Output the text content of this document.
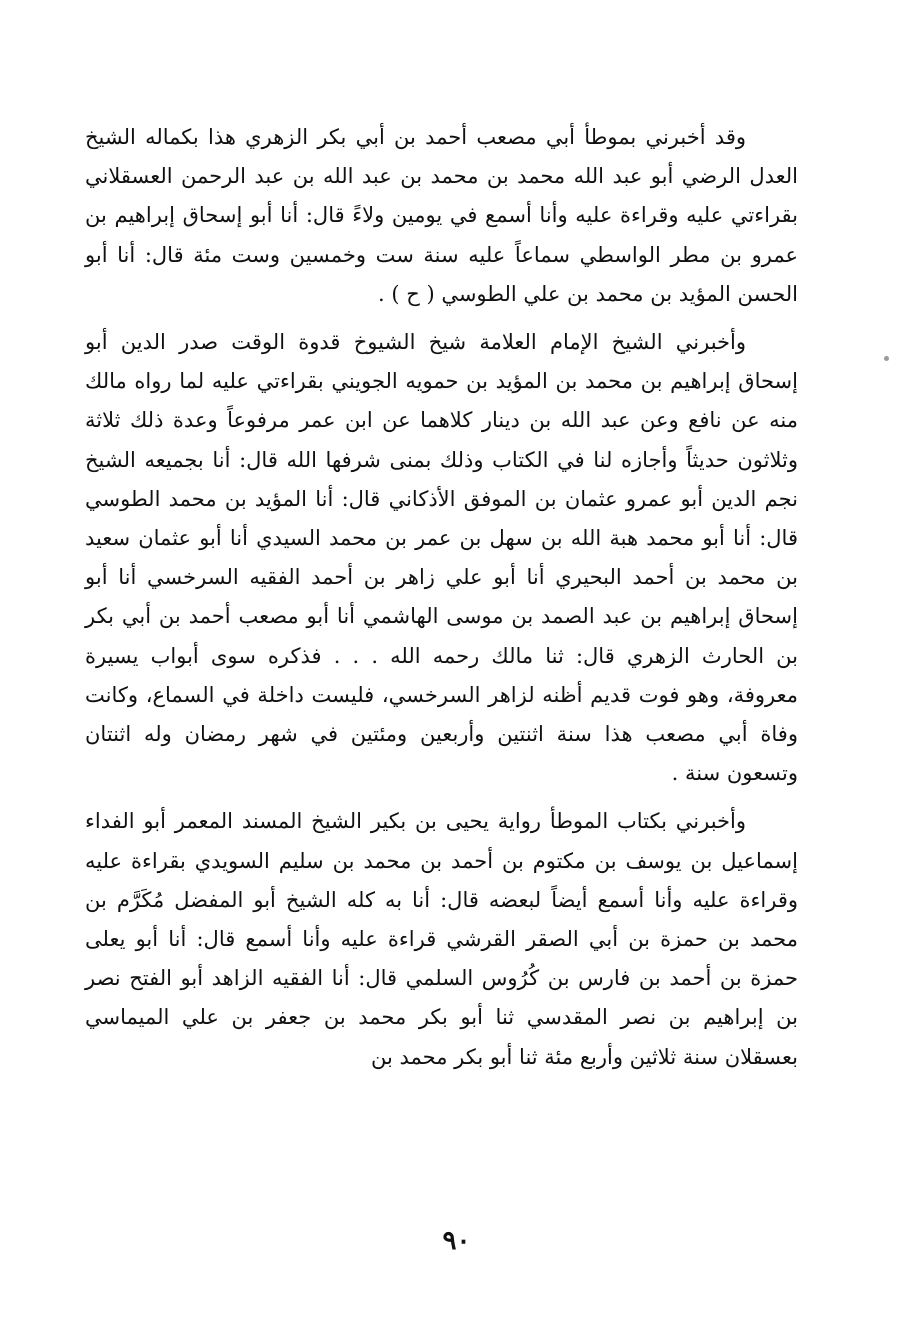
وقد أخبرني بموطأ أبي مصعب أحمد بن أبي بكر الزهري هذا بكماله الشيخ العدل الرضي أبو عبد الله محمد بن محمد بن عبد الله بن عبد الرحمن العسقلاني بقراءتي عليه وقراءة عليه وأنا أسمع في يومين ولاءً قال: أنا أبو إسحاق إبراهيم بن عمرو بن مطر الواسطي سماعاً عليه سنة ست وخمسين وست مئة قال: أنا أبو الحسن المؤيد بن محمد بن علي الطوسي ( ح ) .

وأخبرني الشيخ الإمام العلامة شيخ الشيوخ قدوة الوقت صدر الدين أبو إسحاق إبراهيم بن محمد بن المؤيد بن حمويه الجويني بقراءتي عليه لما رواه مالك منه عن نافع وعن عبد الله بن دينار كلاهما عن ابن عمر مرفوعاً وعدة ذلك ثلاثة وثلاثون حديثاً وأجازه لنا في الكتاب وذلك بمنى شرفها الله قال: أنا بجميعه الشيخ نجم الدين أبو عمرو عثمان بن الموفق الأذكاني قال: أنا المؤيد بن محمد الطوسي قال: أنا أبو محمد هبة الله بن سهل بن عمر بن محمد السيدي أنا أبو عثمان سعيد بن محمد بن أحمد البحيري أنا أبو علي زاهر بن أحمد الفقيه السرخسي أنا أبو إسحاق إبراهيم بن عبد الصمد بن موسى الهاشمي أنا أبو مصعب أحمد بن أبي بكر بن الحارث الزهري قال: ثنا مالك رحمه الله . . . فذكره سوى أبواب يسيرة معروفة، وهو فوت قديم أظنه لزاهر السرخسي، فليست داخلة في السماع، وكانت وفاة أبي مصعب هذا سنة اثنتين وأربعين ومئتين في شهر رمضان وله اثنتان وتسعون سنة .

وأخبرني بكتاب الموطأ رواية يحيى بن بكير الشيخ المسند المعمر أبو الفداء إسماعيل بن يوسف بن مكتوم بن أحمد بن محمد بن سليم السويدي بقراءة عليه وقراءة عليه وأنا أسمع أيضاً لبعضه قال: أنا به كله الشيخ أبو المفضل مُكَرَّم بن محمد بن حمزة بن أبي الصقر القرشي قراءة عليه وأنا أسمع قال: أنا أبو يعلى حمزة بن أحمد بن فارس بن كُرُوس السلمي قال: أنا الفقيه الزاهد أبو الفتح نصر بن إبراهيم بن نصر المقدسي ثنا أبو بكر محمد بن جعفر بن علي الميماسي بعسقلان سنة ثلاثين وأربع مئة ثنا أبو بكر محمد بن

٩٠
